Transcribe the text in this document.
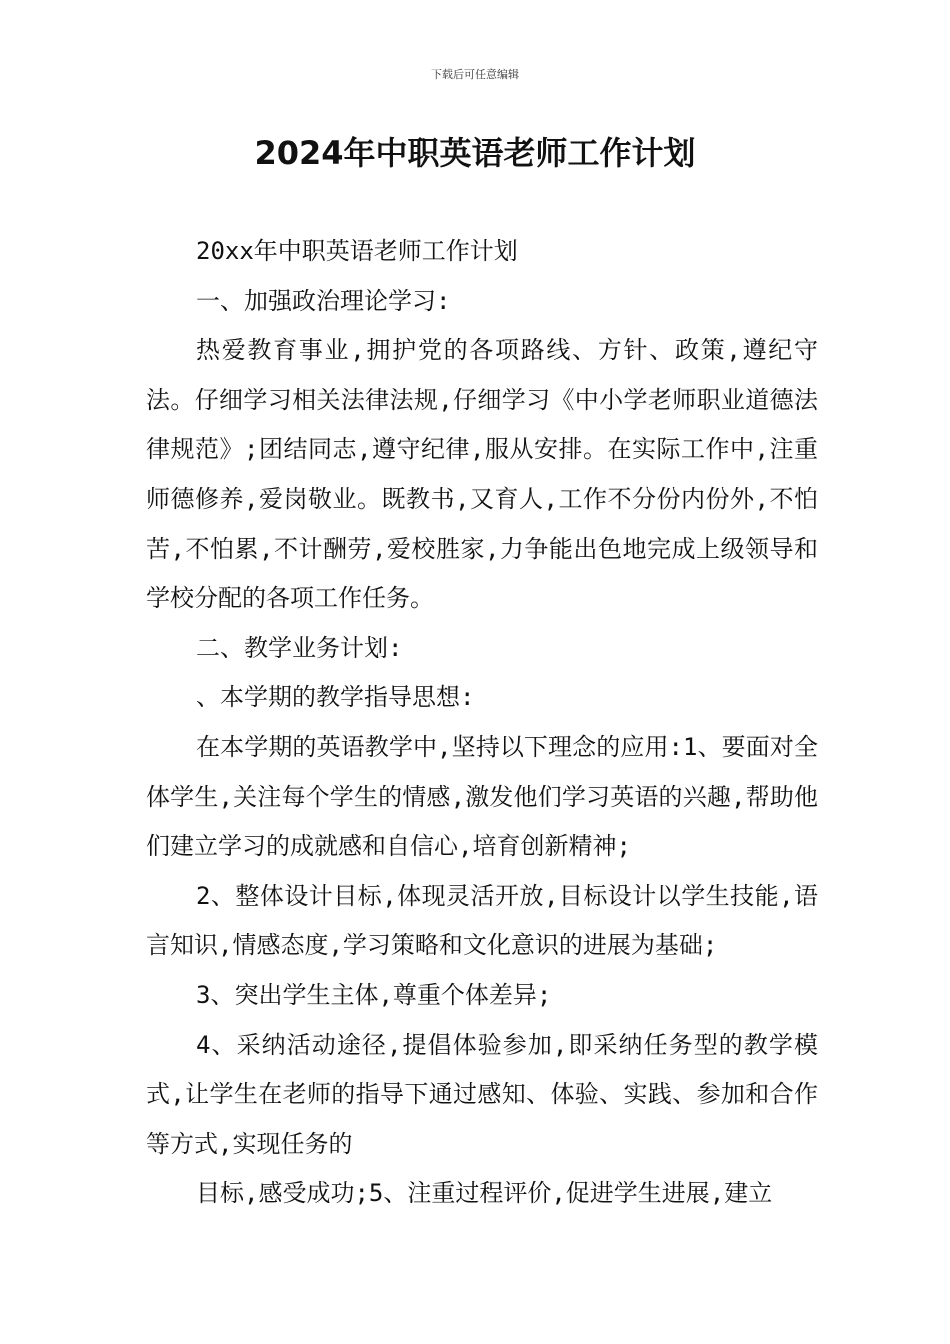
下载后可任意编辑
2024年中职英语老师工作计划

20xx年中职英语老师工作计划

一、加强政治理论学习:

热爱教育事业,拥护党的各项路线、方针、政策,遵纪守法。仔细学习相关法律法规,仔细学习《中小学老师职业道德法律规范》;团结同志,遵守纪律,服从安排。在实际工作中,注重师德修养,爱岗敬业。既教书,又育人,工作不分份内份外,不怕苦,不怕累,不计酬劳,爱校胜家,力争能出色地完成上级领导和学校分配的各项工作任务。

二、教学业务计划:

、本学期的教学指导思想:

在本学期的英语教学中,坚持以下理念的应用:1、要面对全体学生,关注每个学生的情感,激发他们学习英语的兴趣,帮助他们建立学习的成就感和自信心,培育创新精神;

2、整体设计目标,体现灵活开放,目标设计以学生技能,语言知识,情感态度,学习策略和文化意识的进展为基础;

3、突出学生主体,尊重个体差异;

4、采纳活动途径,提倡体验参加,即采纳任务型的教学模式,让学生在老师的指导下通过感知、体验、实践、参加和合作等方式,实现任务的

目标,感受成功;5、注重过程评价,促进学生进展,建立
